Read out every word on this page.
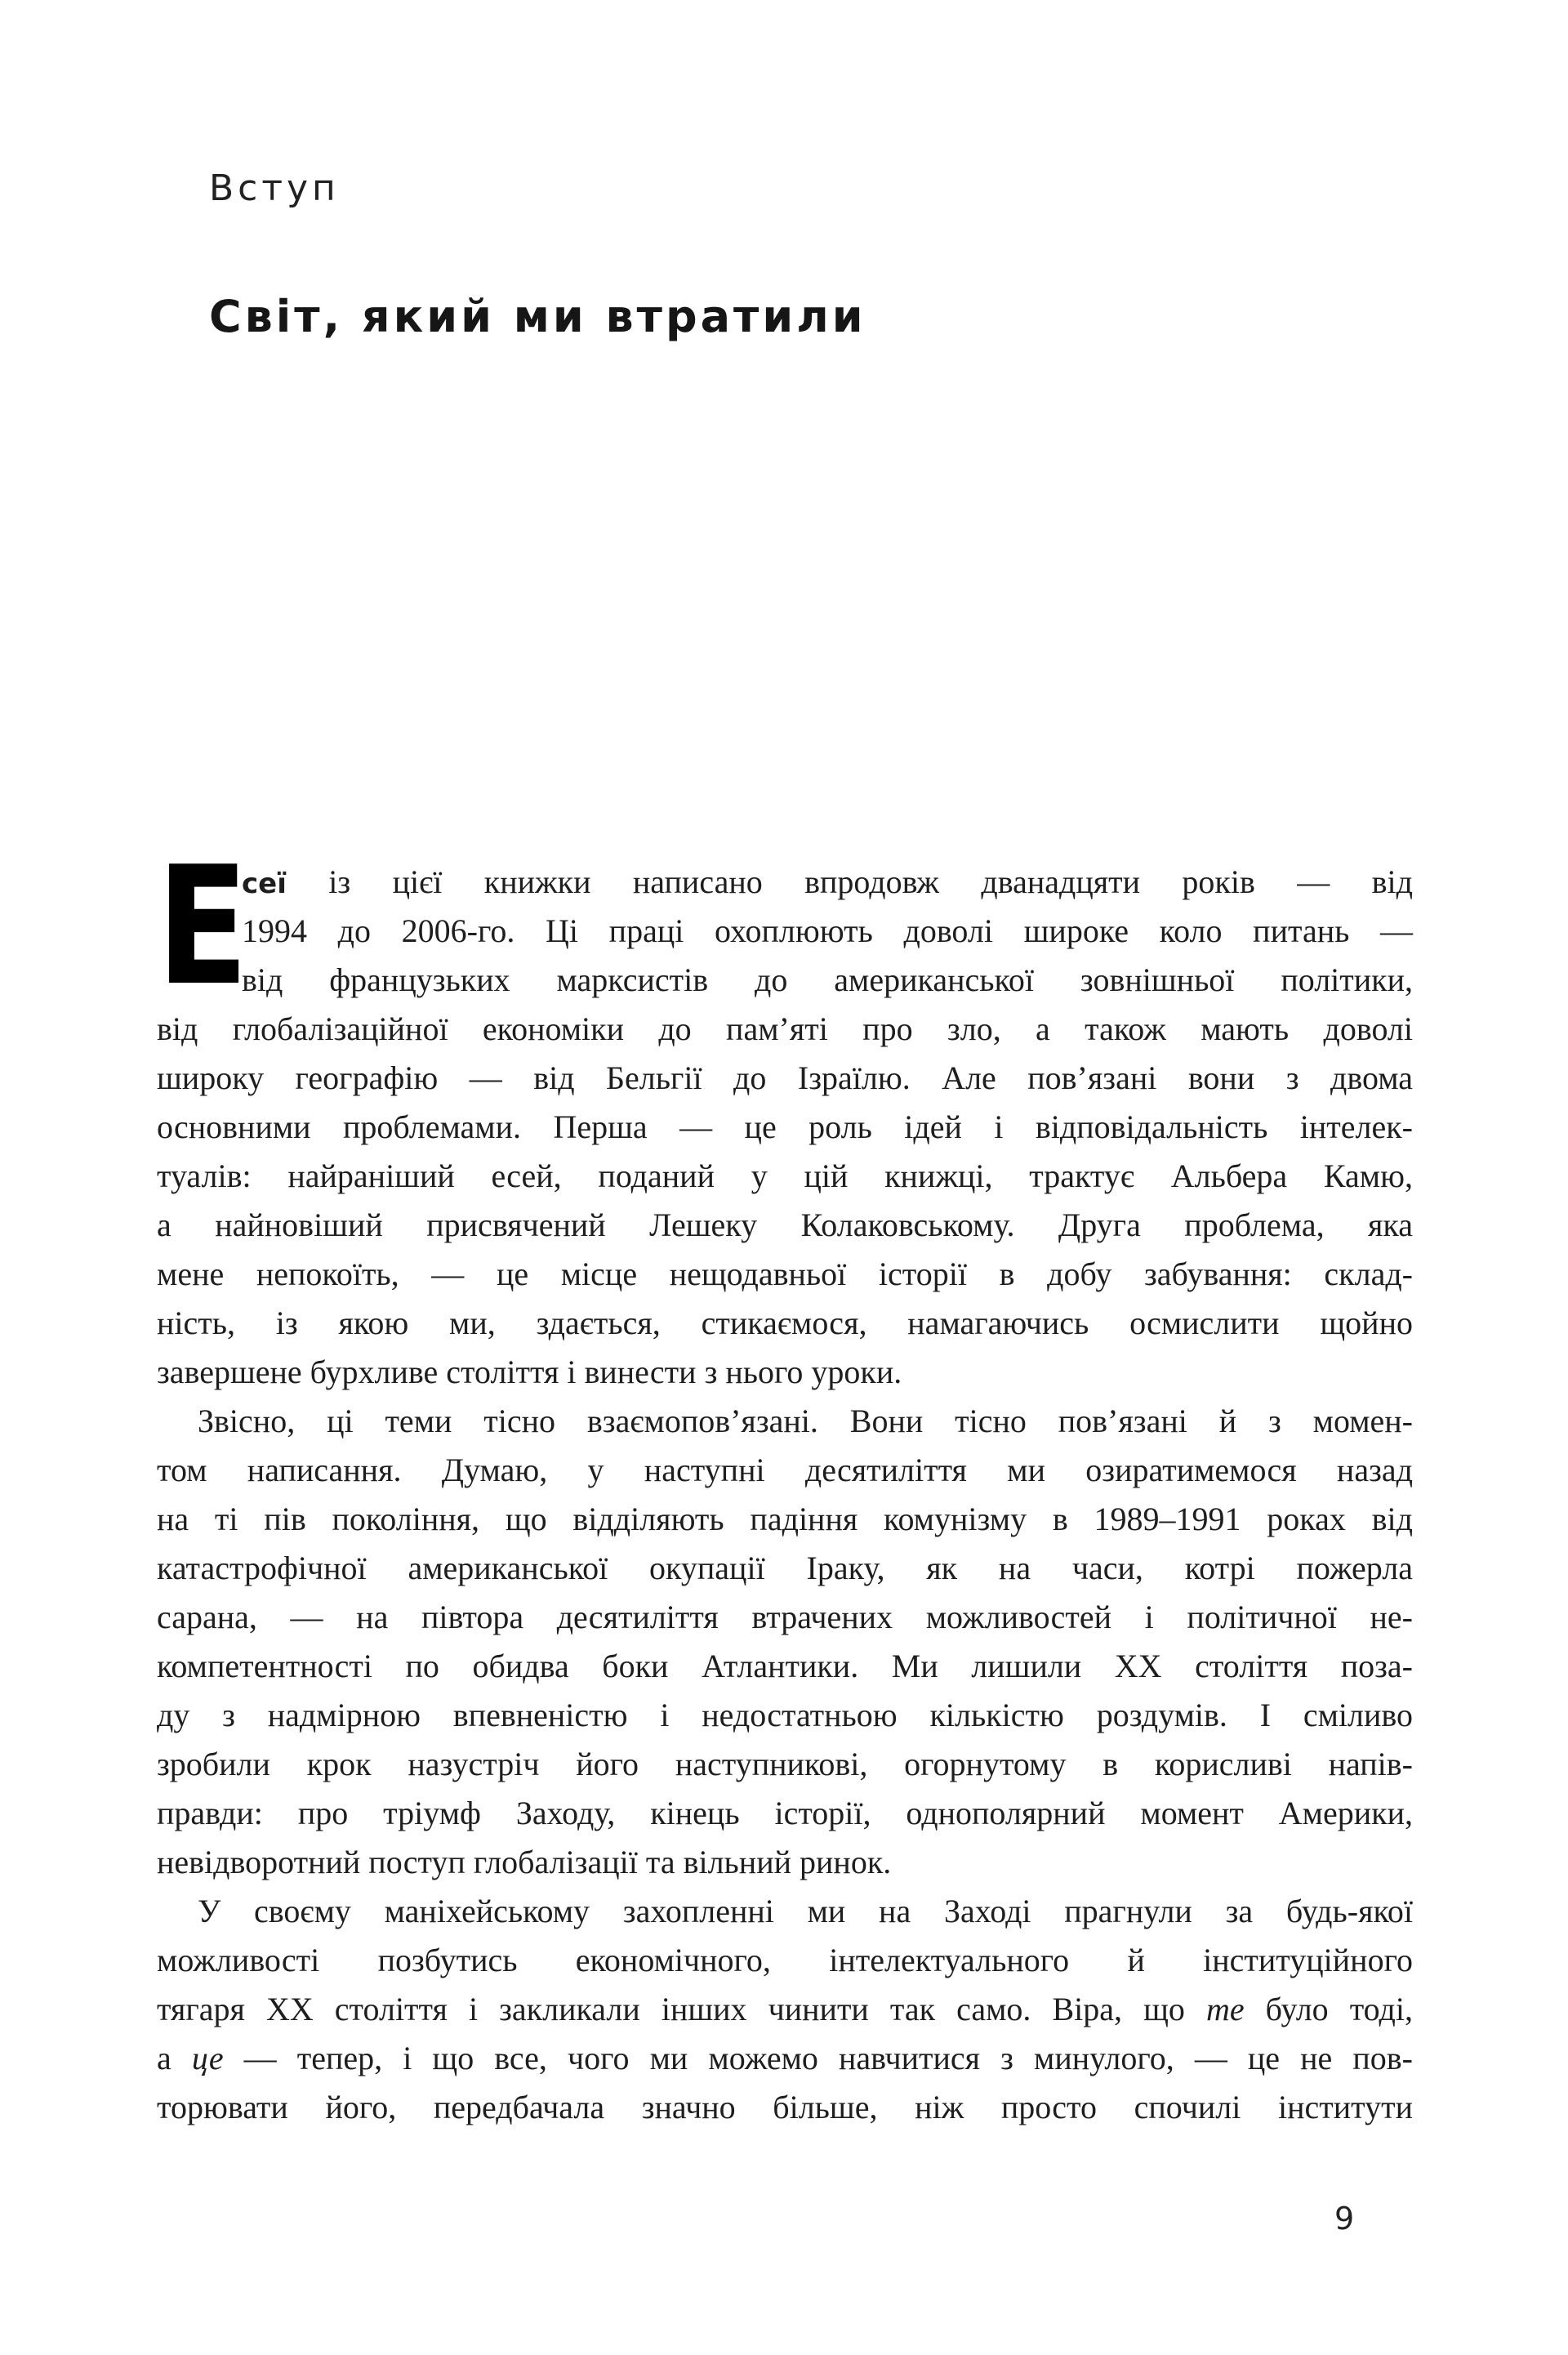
Вступ
Світ, який ми втратили
Е
сеї із цієї книжки написано впродовж дванадцяти років — від
1994 до 2006-го. Ці праці охоплюють доволі широке коло питань —
від французьких марксистів до американської зовнішньої політики,
від глобалізаційної економіки до пам’яті про зло, а також мають доволі
широку географію — від Бельгії до Ізраїлю. Але пов’язані вони з двома
основними проблемами. Перша — це роль ідей і відповідальність інтелек-
туалів: найраніший есей, поданий у цій книжці, трактує Альбера Камю,
а найновіший присвячений Лешеку Колаковському. Друга проблема, яка
мене непокоїть, — це місце нещодавньої історії в добу забування: склад-
ність, із якою ми, здається, стикаємося, намагаючись осмислити щойно
завершене бурхливе століття і винести з нього уроки.
Звісно, ці теми тісно взаємопов’язані. Вони тісно пов’язані й з момен-
том написання. Думаю, у наступні десятиліття ми озиратимемося назад
на ті пів покоління, що відділяють падіння комунізму в 1989–1991 роках від
катастрофічної американської окупації Іраку, як на часи, котрі пожерла
сарана, — на півтора десятиліття втрачених можливостей і політичної не-
компетентності по обидва боки Атлантики. Ми лишили XX століття поза-
ду з надмірною впевненістю і недостатньою кількістю роздумів. І сміливо
зробили крок назустріч його наступникові, огорнутому в корисливі напів-
правди: про тріумф Заходу, кінець історії, однополярний момент Америки,
невідворотний поступ глобалізації та вільний ринок.
У своєму маніхейському захопленні ми на Заході прагнули за будь-якої
можливості позбутись економічного, інтелектуального й інституційного
тягаря XX століття і закликали інших чинити так само. Віра, що те було тоді,
а це — тепер, і що все, чого ми можемо навчитися з минулого, — це не пов-
торювати його, передбачала значно більше, ніж просто спочилі інститути
9
